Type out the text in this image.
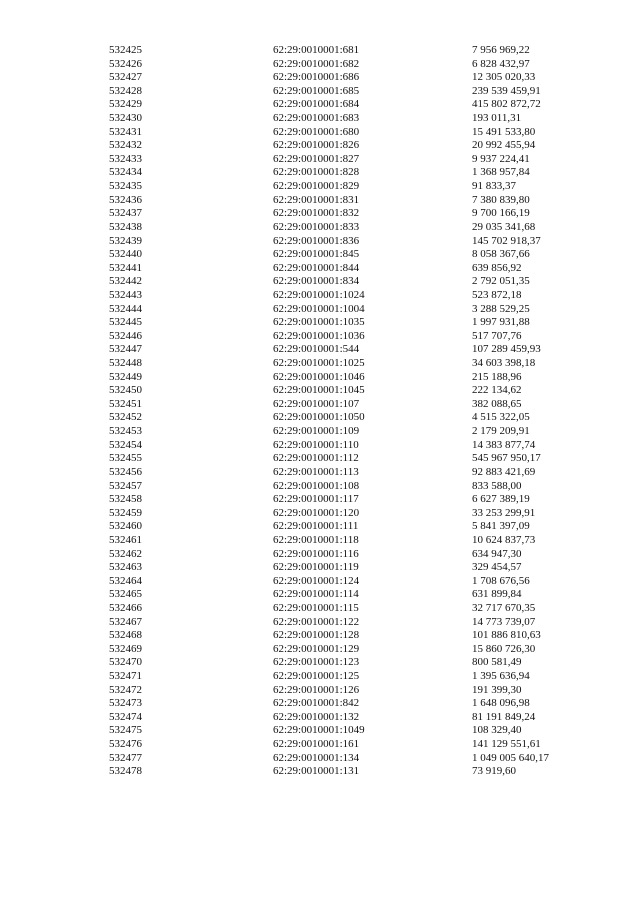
532425	62:29:0010001:681	7 956 969,22
532426	62:29:0010001:682	6 828 432,97
532427	62:29:0010001:686	12 305 020,33
532428	62:29:0010001:685	239 539 459,91
532429	62:29:0010001:684	415 802 872,72
532430	62:29:0010001:683	193 011,31
532431	62:29:0010001:680	15 491 533,80
532432	62:29:0010001:826	20 992 455,94
532433	62:29:0010001:827	9 937 224,41
532434	62:29:0010001:828	1 368 957,84
532435	62:29:0010001:829	91 833,37
532436	62:29:0010001:831	7 380 839,80
532437	62:29:0010001:832	9 700 166,19
532438	62:29:0010001:833	29 035 341,68
532439	62:29:0010001:836	145 702 918,37
532440	62:29:0010001:845	8 058 367,66
532441	62:29:0010001:844	639 856,92
532442	62:29:0010001:834	2 792 051,35
532443	62:29:0010001:1024	523 872,18
532444	62:29:0010001:1004	3 288 529,25
532445	62:29:0010001:1035	1 997 931,88
532446	62:29:0010001:1036	517 707,76
532447	62:29:0010001:544	107 289 459,93
532448	62:29:0010001:1025	34 603 398,18
532449	62:29:0010001:1046	215 188,96
532450	62:29:0010001:1045	222 134,62
532451	62:29:0010001:107	382 088,65
532452	62:29:0010001:1050	4 515 322,05
532453	62:29:0010001:109	2 179 209,91
532454	62:29:0010001:110	14 383 877,74
532455	62:29:0010001:112	545 967 950,17
532456	62:29:0010001:113	92 883 421,69
532457	62:29:0010001:108	833 588,00
532458	62:29:0010001:117	6 627 389,19
532459	62:29:0010001:120	33 253 299,91
532460	62:29:0010001:111	5 841 397,09
532461	62:29:0010001:118	10 624 837,73
532462	62:29:0010001:116	634 947,30
532463	62:29:0010001:119	329 454,57
532464	62:29:0010001:124	1 708 676,56
532465	62:29:0010001:114	631 899,84
532466	62:29:0010001:115	32 717 670,35
532467	62:29:0010001:122	14 773 739,07
532468	62:29:0010001:128	101 886 810,63
532469	62:29:0010001:129	15 860 726,30
532470	62:29:0010001:123	800 581,49
532471	62:29:0010001:125	1 395 636,94
532472	62:29:0010001:126	191 399,30
532473	62:29:0010001:842	1 648 096,98
532474	62:29:0010001:132	81 191 849,24
532475	62:29:0010001:1049	108 329,40
532476	62:29:0010001:161	141 129 551,61
532477	62:29:0010001:134	1 049 005 640,17
532478	62:29:0010001:131	73 919,60
